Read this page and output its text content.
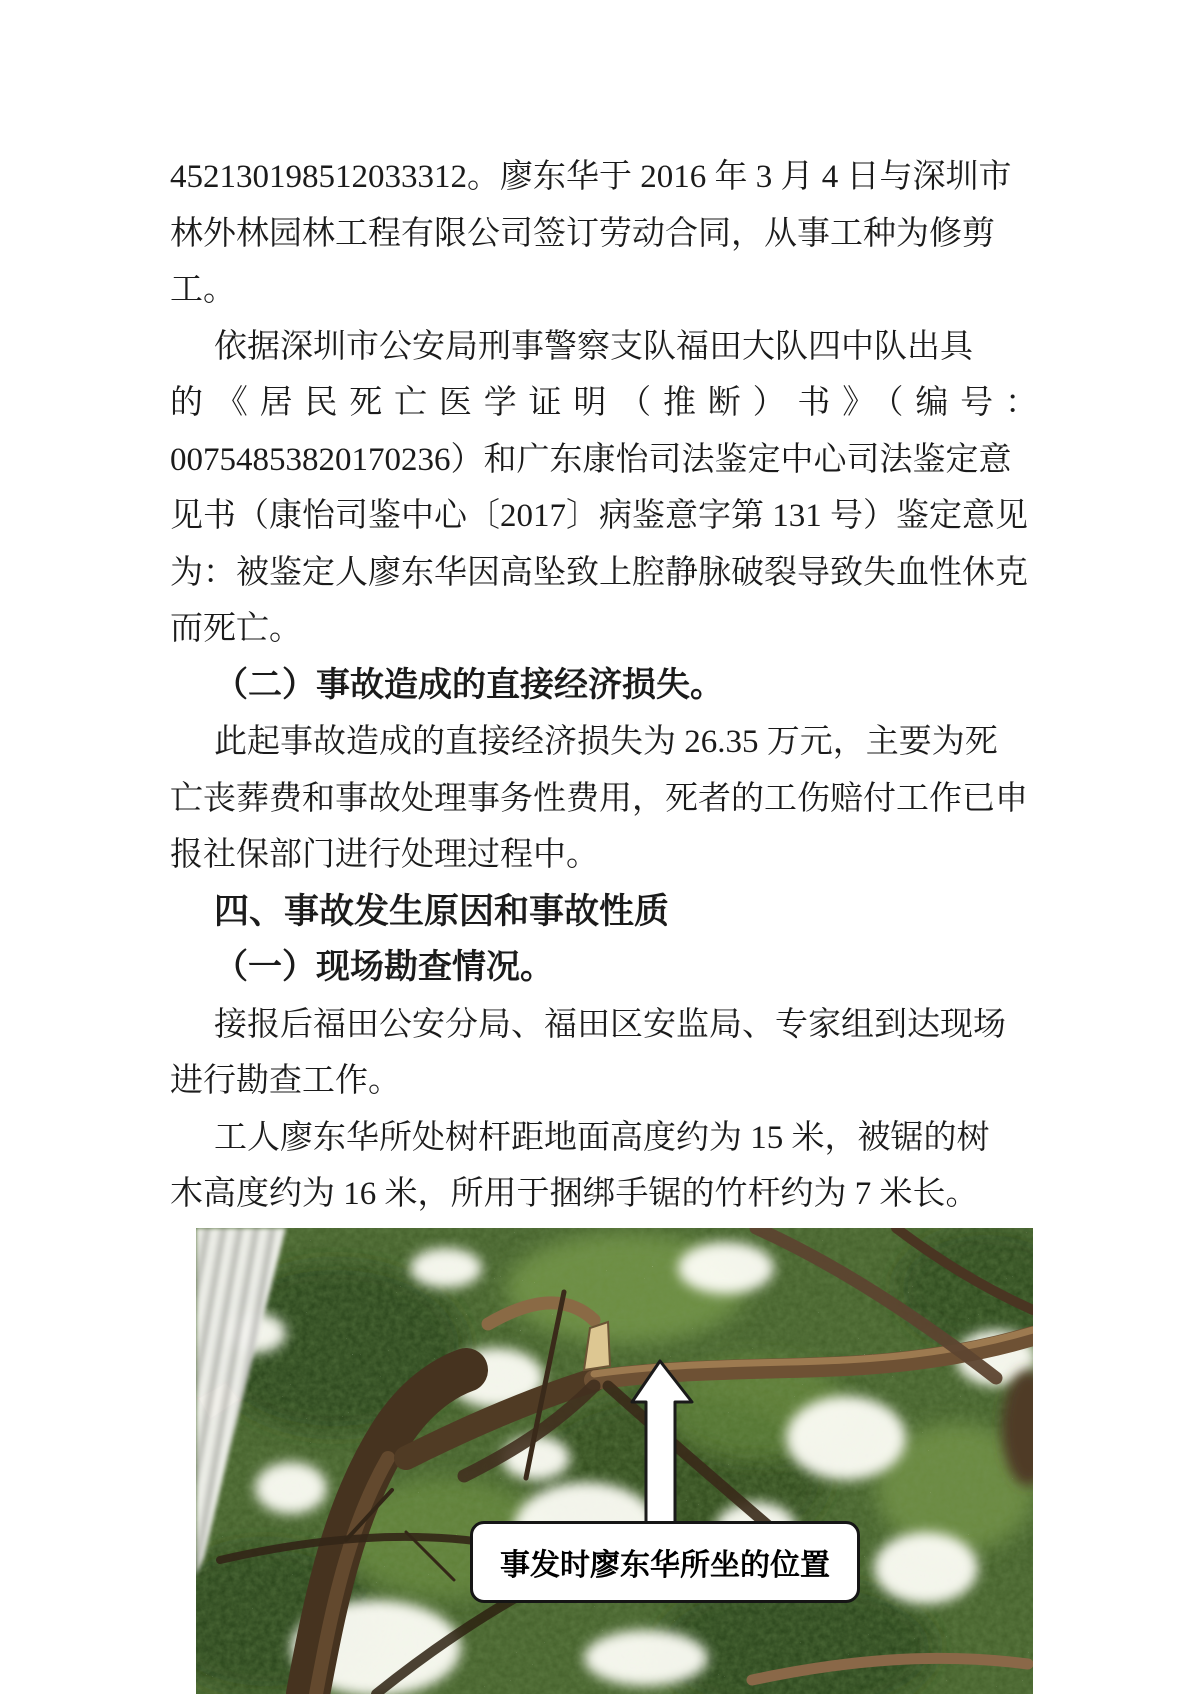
452130198512033312。廖东华于 2016 年 3 月 4 日与深圳市
林外林园林工程有限公司签订劳动合同，从事工种为修剪
工。
依据深圳市公安局刑事警察支队福田大队四中队出具
的《居民死亡医学证明（推断）书》（编号：
00754853820170236）和广东康怡司法鉴定中心司法鉴定意
见书（康怡司鉴中心〔2017〕病鉴意字第 131 号）鉴定意见
为：被鉴定人廖东华因高坠致上腔静脉破裂导致失血性休克
而死亡。
（二）事故造成的直接经济损失。
此起事故造成的直接经济损失为 26.35 万元，主要为死
亡丧葬费和事故处理事务性费用，死者的工伤赔付工作已申
报社保部门进行处理过程中。
四、事故发生原因和事故性质
（一）现场勘查情况。
接报后福田公安分局、福田区安监局、专家组到达现场
进行勘查工作。
工人廖东华所处树杆距地面高度约为 15 米，被锯的树
木高度约为 16 米，所用于捆绑手锯的竹杆约为 7 米长。
事发时廖东华所坐的位置
